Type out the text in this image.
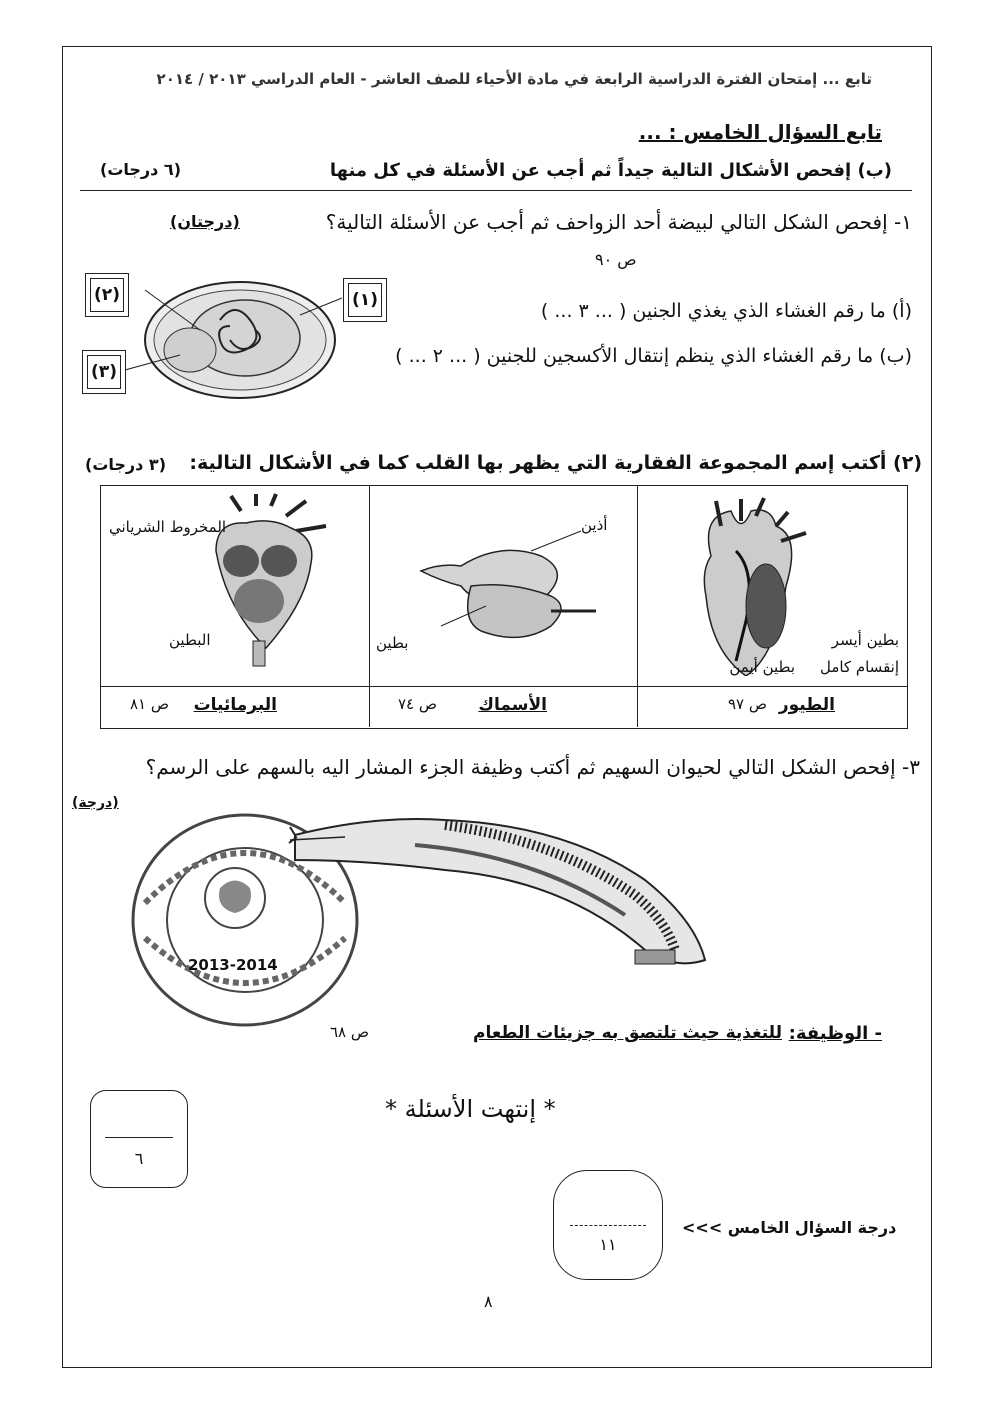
تابع ... إمتحان الفترة الدراسية الرابعة في مادة الأحياء للصف العاشر - العام الدراسي ٢٠١٣ / ٢٠١٤
تابع السؤال الخامس : ...
(ب) إفحص الأشكال التالية جيداً ثم أجب عن الأسئلة في كل منها
(٦ درجات)
١- إفحص الشكل التالي لبيضة أحد الزواحف ثم أجب عن الأسئلة التالية؟
(درجتان)
ص ٩٠
(أ) ما رقم الغشاء الذي يغذي الجنين ( ... ٣ ... )
(ب) ما رقم الغشاء الذي ينظم إنتقال الأكسجين للجنين ( ... ٢ ... )
(٢)	(١)
(٣)
(٢) أكتب إسم المجموعة الفقارية التي يظهر بها القلب كما في الأشكال التالية:
(٣ درجات)
بطين أيسر
إنقسام كامل
بطين أيمن
أذين
بطين
المخروط الشرياني
البطين
الطيور
ص ٩٧
الأسماك
ص ٧٤
البرمائيات
ص ٨١
٣- إفحص الشكل التالي لحيوان السهيم ثم أكتب وظيفة الجزء المشار اليه بالسهم على الرسم؟
(درجة)
2013-2014
- الوظيفة:
للتغذية حيث تلتصق به جزيئات الطعام
ص ٦٨
* إنتهت الأسئلة *
٦
١١
درجة السؤال الخامس >>>
٨
